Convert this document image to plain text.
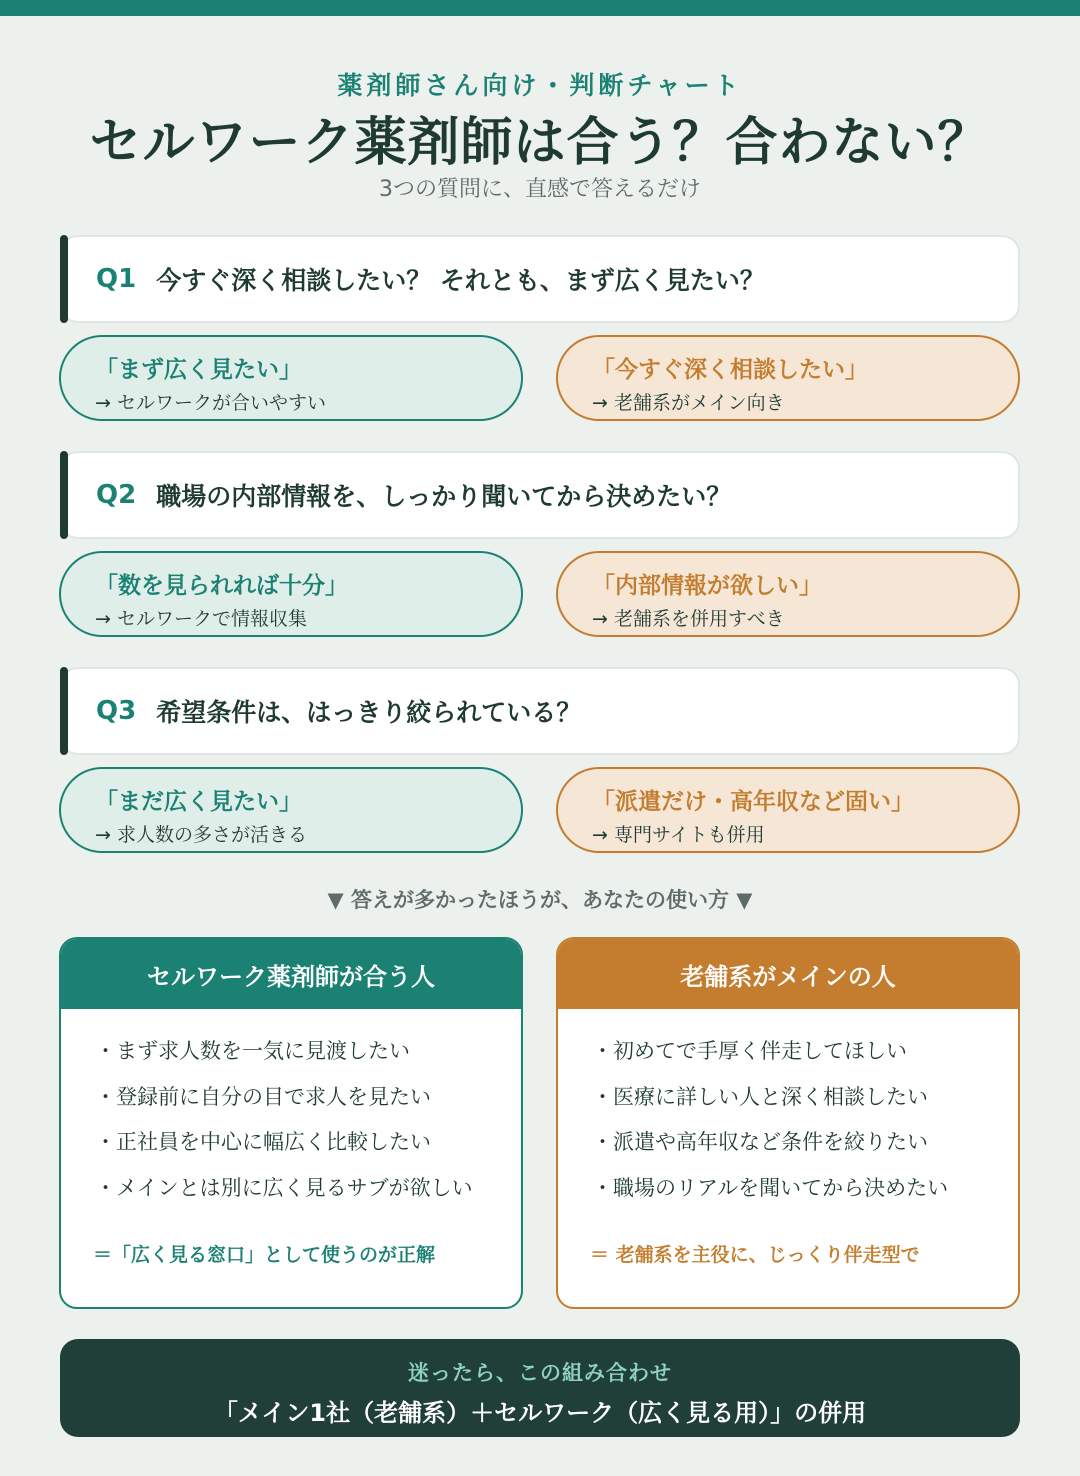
薬剤師さん向け・判断チャート
セルワーク薬剤師は合う？合わない？
3つの質問に、直感で答えるだけ
Q1 今すぐ深く相談したい？ それとも、まず広く見たい？
「まず広く見たい」
→ セルワークが合いやすい
「今すぐ深く相談したい」
→ 老舗系がメイン向き
Q2 職場の内部情報を、しっかり聞いてから決めたい？
「数を見られれば十分」
→ セルワークで情報収集
「内部情報が欲しい」
→ 老舗系を併用すべき
Q3 希望条件は、はっきり絞られている？
「まだ広く見たい」
→ 求人数の多さが活きる
「派遣だけ・高年収など固い」
→ 専門サイトも併用
▼ 答えが多かったほうが、あなたの使い方 ▼
セルワーク薬剤師が合う人
・まず求人数を一気に見渡したい
・登録前に自分の目で求人を見たい
・正社員を中心に幅広く比較したい
・メインとは別に広く見るサブが欲しい
＝「広く見る窓口」として使うのが正解
老舗系がメインの人
・初めてで手厚く伴走してほしい
・医療に詳しい人と深く相談したい
・派遣や高年収など条件を絞りたい
・職場のリアルを聞いてから決めたい
＝ 老舗系を主役に、じっくり伴走型で
迷ったら、この組み合わせ
「メイン1社（老舗系）＋セルワーク（広く見る用）」の併用
